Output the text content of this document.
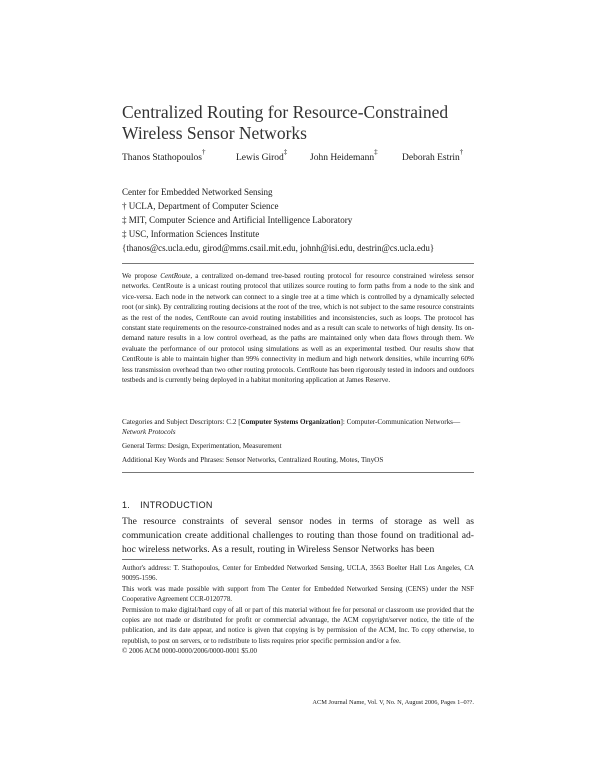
Centralized Routing for Resource-Constrained
Wireless Sensor Networks
Thanos Stathopoulos†
Lewis Girod‡
John Heidemann‡
Deborah Estrin†
Center for Embedded Networked Sensing
† UCLA, Department of Computer Science
‡ MIT, Computer Science and Artificial Intelligence Laboratory
‡ USC, Information Sciences Institute
{thanos@cs.ucla.edu, girod@mms.csail.mit.edu, johnh@isi.edu, destrin@cs.ucla.edu}

We propose CentRoute, a centralized on-demand tree-based routing protocol for resource constrained wireless sensor networks. CentRoute is a unicast routing protocol that utilizes source routing to form paths from a node to the sink and vice-versa. Each node in the network can connect to a single tree at a time which is controlled by a dynamically selected root (or sink). By centralizing routing decisions at the root of the tree, which is not subject to the same resource constraints as the rest of the nodes, CentRoute can avoid routing instabilities and inconsistencies, such as loops. The protocol has constant state requirements on the resource-constrained nodes and as a result can scale to networks of high density. Its on-demand nature results in a low control overhead, as the paths are maintained only when data flows through them. We evaluate the performance of our protocol using simulations as well as an experimental testbed. Our results show that CentRoute is able to maintain higher than 99% connectivity in medium and high network densities, while incurring 60% less transmission overhead than two other routing protocols. CentRoute has been rigorously tested in indoors and outdoors testbeds and is currently being deployed in a habitat monitoring application at James Reserve.

Categories and Subject Descriptors: C.2 [Computer Systems Organization]: Computer-Communication Networks—Network Protocols
General Terms: Design, Experimentation, Measurement
Additional Key Words and Phrases: Sensor Networks, Centralized Routing, Motes, TinyOS
1. INTRODUCTION

The resource constraints of several sensor nodes in terms of storage as well as communication create additional challenges to routing than those found on traditional ad-hoc wireless networks. As a result, routing in Wireless Sensor Networks has been

Author's address: T. Stathopoulos, Center for Embedded Networked Sensing, UCLA, 3563 Boelter Hall Los Angeles, CA 90095-1596.

This work was made possible with support from The Center for Embedded Networked Sensing (CENS) under the NSF Cooperative Agreement CCR-0120778.

Permission to make digital/hard copy of all or part of this material without fee for personal or classroom use provided that the copies are not made or distributed for profit or commercial advantage, the ACM copyright/server notice, the title of the publication, and its date appear, and notice is given that copying is by permission of the ACM, Inc. To copy otherwise, to republish, to post on servers, or to redistribute to lists requires prior specific permission and/or a fee.

© 2006 ACM 0000-0000/2006/0000-0001 $5.00

ACM Journal Name, Vol. V, No. N, August 2006, Pages 1–0??.
